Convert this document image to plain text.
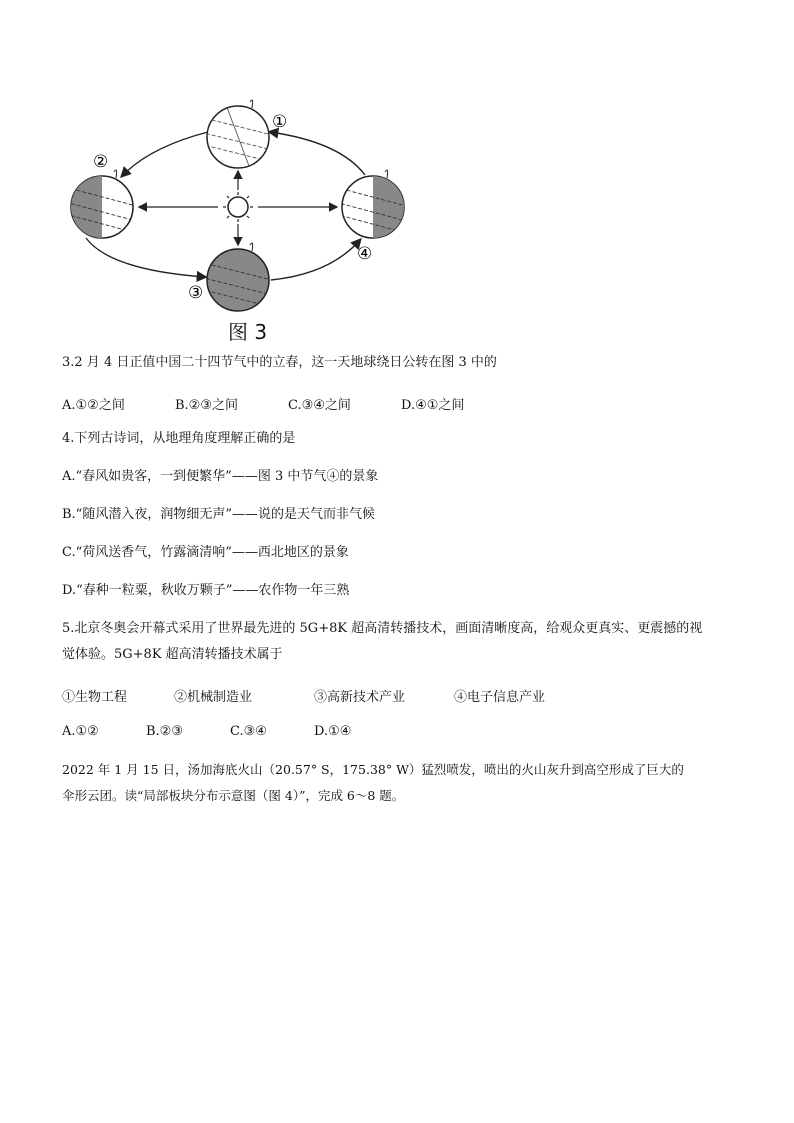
①
②
③
④
图 3
3.2 月 4 日正值中国二十四节气中的立春，这一天地球绕日公转在图 3 中的
A.①②之间	B.②③之间	C.③④之间	D.④①之间
4.下列古诗词，从地理角度理解正确的是
A.“春风如贵客，一到便繁华”——图 3 中节气④的景象
B.“随风潜入夜，润物细无声”——说的是天气而非气候
C.“荷风送香气，竹露滴清响”——西北地区的景象
D.“春种一粒粟，秋收万颗子”——农作物一年三熟
5.北京冬奥会开幕式采用了世界最先进的 5G+8K 超高清转播技术，画面清晰度高，给观众更真实、更震撼的视
觉体验。5G+8K 超高清转播技术属于
①生物工程	②机械制造业	③高新技术产业	④电子信息产业
A.①②	B.②③	C.③④	D.①④
2022 年 1 月 15 日，汤加海底火山（20.57° S，175.38° W）猛烈喷发，喷出的火山灰升到高空形成了巨大的
伞形云团。读“局部板块分布示意图（图 4）”，完成 6～8 题。
